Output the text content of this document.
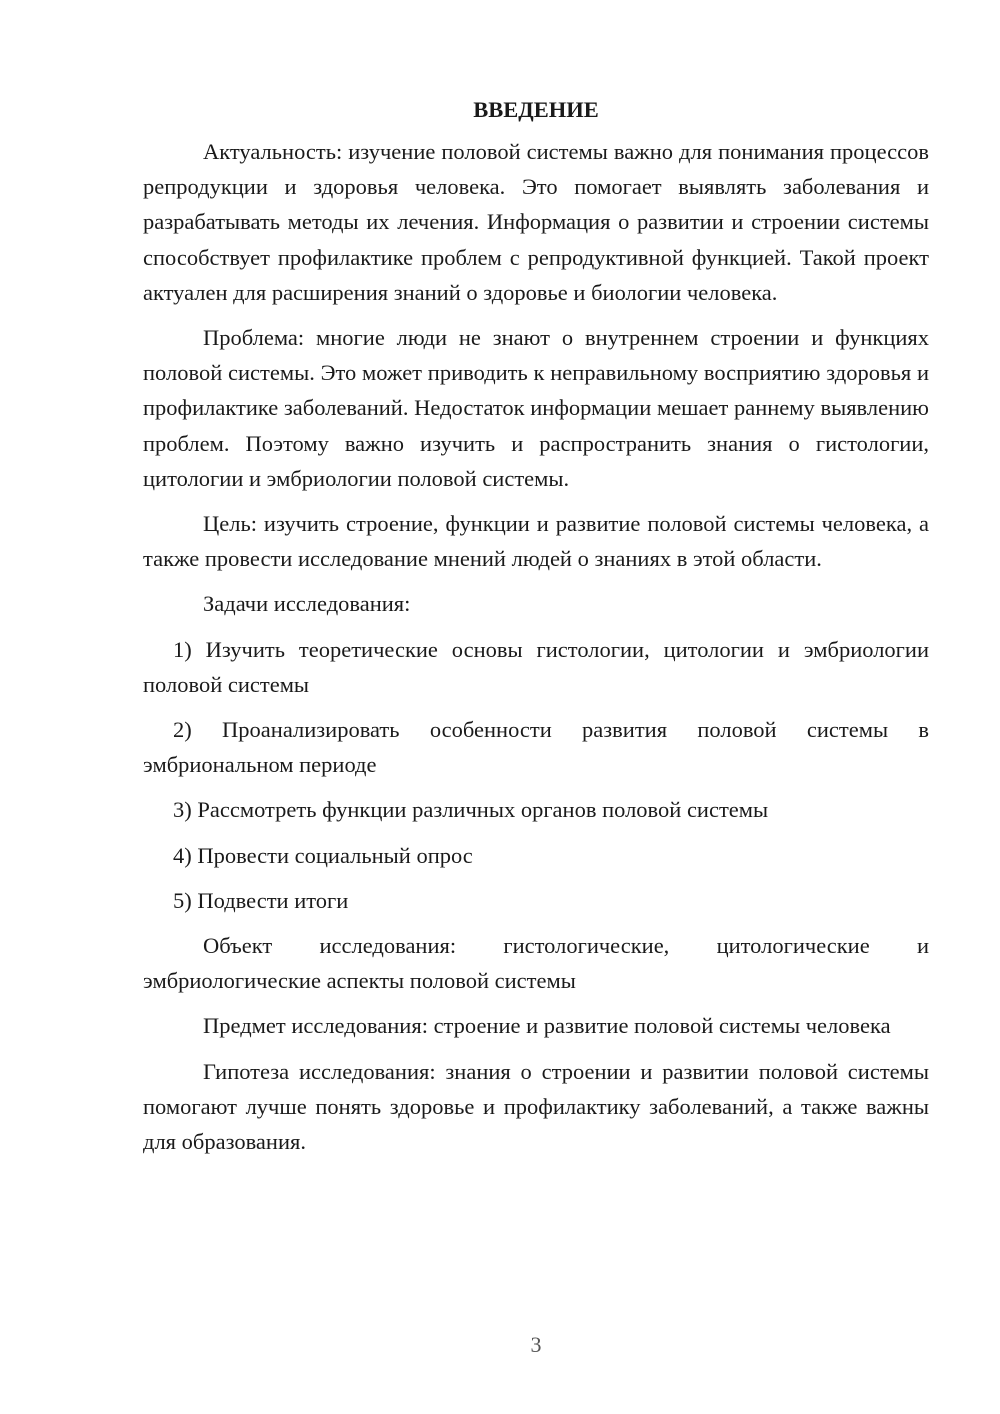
ВВЕДЕНИЕ

Актуальность: изучение половой системы важно для понимания процессов репродукции и здоровья человека. Это помогает выявлять заболевания и разрабатывать методы их лечения. Информация о развитии и строении системы способствует профилактике проблем с репродуктивной функцией. Такой проект актуален для расширения знаний о здоровье и биологии человека.

Проблема: многие люди не знают о внутреннем строении и функциях половой системы. Это может приводить к неправильному восприятию здоровья и профилактике заболеваний. Недостаток информации мешает раннему выявлению проблем. Поэтому важно изучить и распространить знания о гистологии, цитологии и эмбриологии половой системы.

Цель: изучить строение, функции и развитие половой системы человека, а также провести исследование мнений людей о знаниях в этой области.

Задачи исследования:

1) Изучить теоретические основы гистологии, цитологии и эмбриологии половой системы

2) Проанализировать особенности развития половой системы в эмбриональном периоде

3) Рассмотреть функции различных органов половой системы

4) Провести социальный опрос

5) Подвести итоги

Объект исследования: гистологические, цитологические и эмбриологические аспекты половой системы

Предмет исследования: строение и развитие половой системы человека

Гипотеза исследования: знания о строении и развитии половой системы помогают лучше понять здоровье и профилактику заболеваний, а также важны для образования.

3
